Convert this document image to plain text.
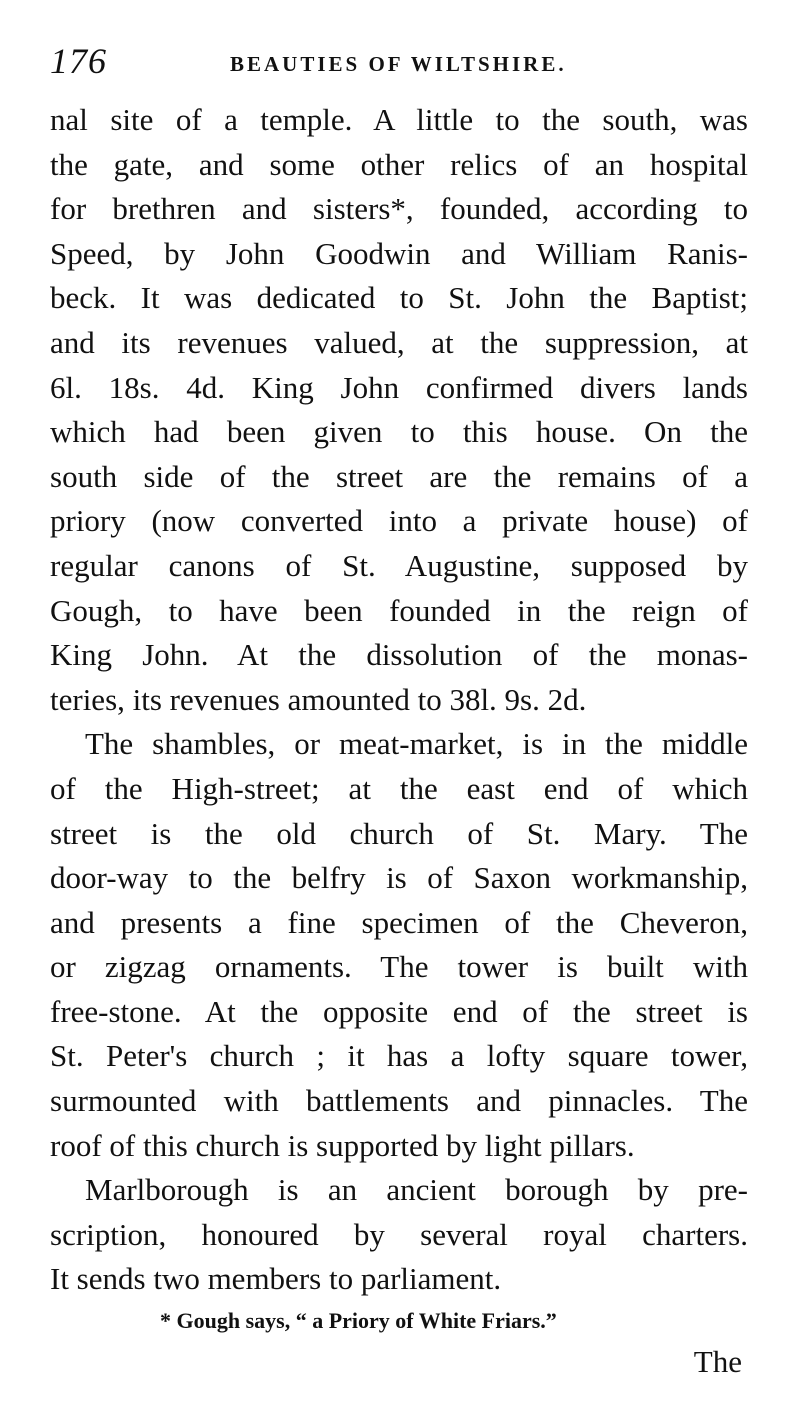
176	BEAUTIES OF WILTSHIRE.
nal site of a temple. A little to the south, was
the gate, and some other relics of an hospital
for brethren and sisters*, founded, according to
Speed, by John Goodwin and William Ranis-
beck. It was dedicated to St. John the Baptist;
and its revenues valued, at the suppression, at
6l. 18s. 4d. King John confirmed divers lands
which had been given to this house. On the
south side of the street are the remains of a
priory (now converted into a private house) of
regular canons of St. Augustine, supposed by
Gough, to have been founded in the reign of
King John. At the dissolution of the monas-
teries, its revenues amounted to 38l. 9s. 2d.
The shambles, or meat-market, is in the middle
of the High-street; at the east end of which
street is the old church of St. Mary. The
door-way to the belfry is of Saxon workmanship,
and presents a fine specimen of the Cheveron,
or zigzag ornaments. The tower is built with
free-stone. At the opposite end of the street is
St. Peter's church ; it has a lofty square tower,
surmounted with battlements and pinnacles. The
roof of this church is supported by light pillars.
Marlborough is an ancient borough by pre-
scription, honoured by several royal charters.
It sends two members to parliament.
* Gough says, “ a Priory of White Friars.”
The
